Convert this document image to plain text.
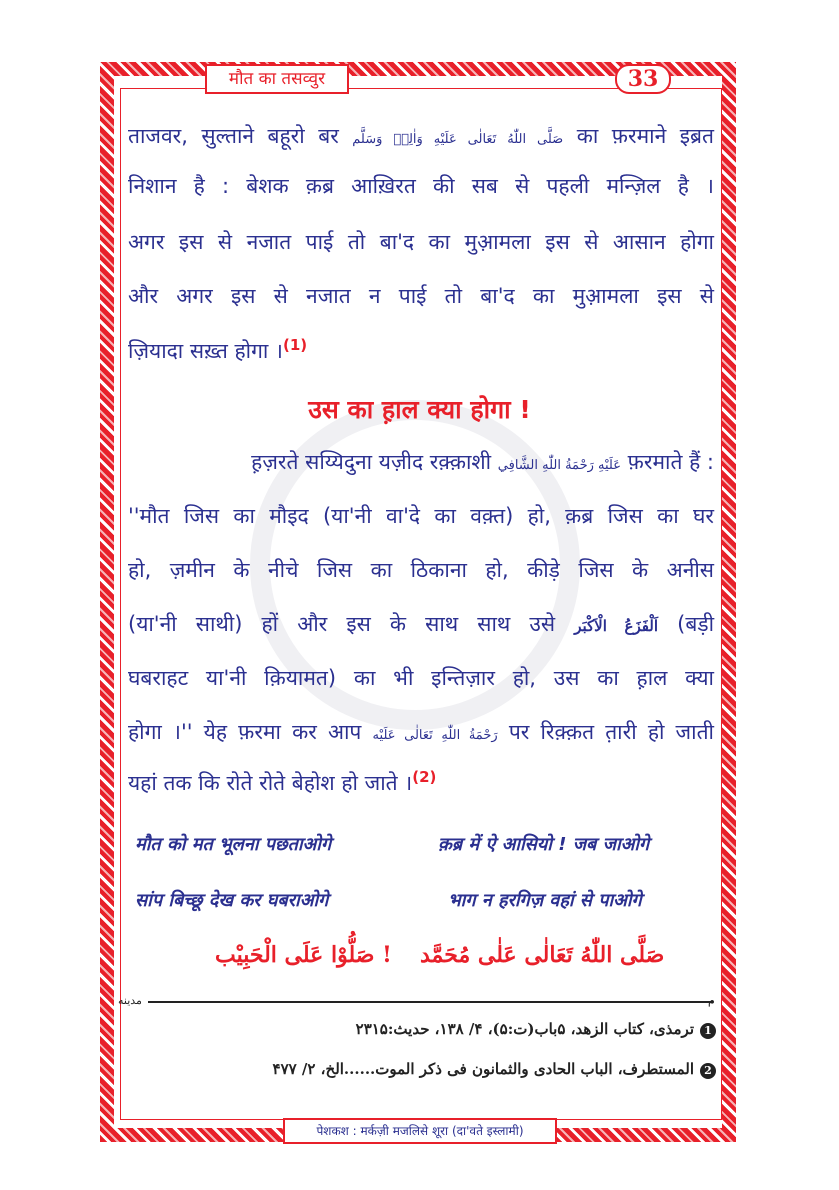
मौत का तसव्वुर	33
ताजवर, सुल्ताने बहूरो बर صَلَّى اللّٰهُ تَعَالٰى عَلَيْهِ وَاٰلِهٖ وَسَلَّم का फ़रमाने इब्रत
निशान है : बेशक क़ब्र आख़िरत की सब से पहली मन्ज़िल है ।
अगर इस से नजात पाई तो बा'द का मुआ़मला इस से आसान होगा
और अगर इस से नजात न पाई तो बा'द का मुआ़मला इस से
ज़ियादा सख़्त होगा ।$^{(1)}$
उस का ह़ाल क्या होगा !
ह़ज़रते सय्यिदुना यज़ीद रक़्क़ाशी عَلَيْهِ رَحْمَةُ اللّٰهِ الشَّافِي फ़रमाते हैं :
''मौत जिस का मौइद (या'नी वा'दे का वक़्त) हो, क़ब्र जिस का घर
हो, ज़मीन के नीचे जिस का ठिकाना हो, कीड़े जिस के अनीस
(या'नी साथी) हों और इस के साथ साथ उसे اَلْفَزَعُ الْاَكْبَر (बड़ी
घबराहट या'नी क़ियामत) का भी इन्तिज़ार हो, उस का ह़ाल क्या
होगा ।'' येह फ़रमा कर आप رَحْمَةُ اللّٰهِ تَعَالٰى عَلَيْه पर रिक़्क़त त़ारी हो जाती
यहां तक कि रोते रोते बेहोश हो जाते ।$^{(2)}$
मौत को मत भूलना पछताओगे	क़ब्र में ऐ आसियो ! जब जाओगे
सांप बिच्छू देख कर घबराओगे	भाग न हरगिज़ वहां से पाओगे
صَلُّوْا عَلَى الْحَبِيْب ! صَلَّى اللّٰهُ تَعَالٰى عَلٰى مُحَمَّد
مدینه	م
1ترمذی، کتاب الزھد، ۵باب(ت:۵)، ۴/ ۱۳۸، حدیث:۲۳۱۵
2المستطرف، الباب الحادی والثمانون فی ذکر الموت......الخ، ۲/ ۴۷۷
पेशकश : मर्कज़ी मजलिसे शूरा (दा'वते इस्लामी)
